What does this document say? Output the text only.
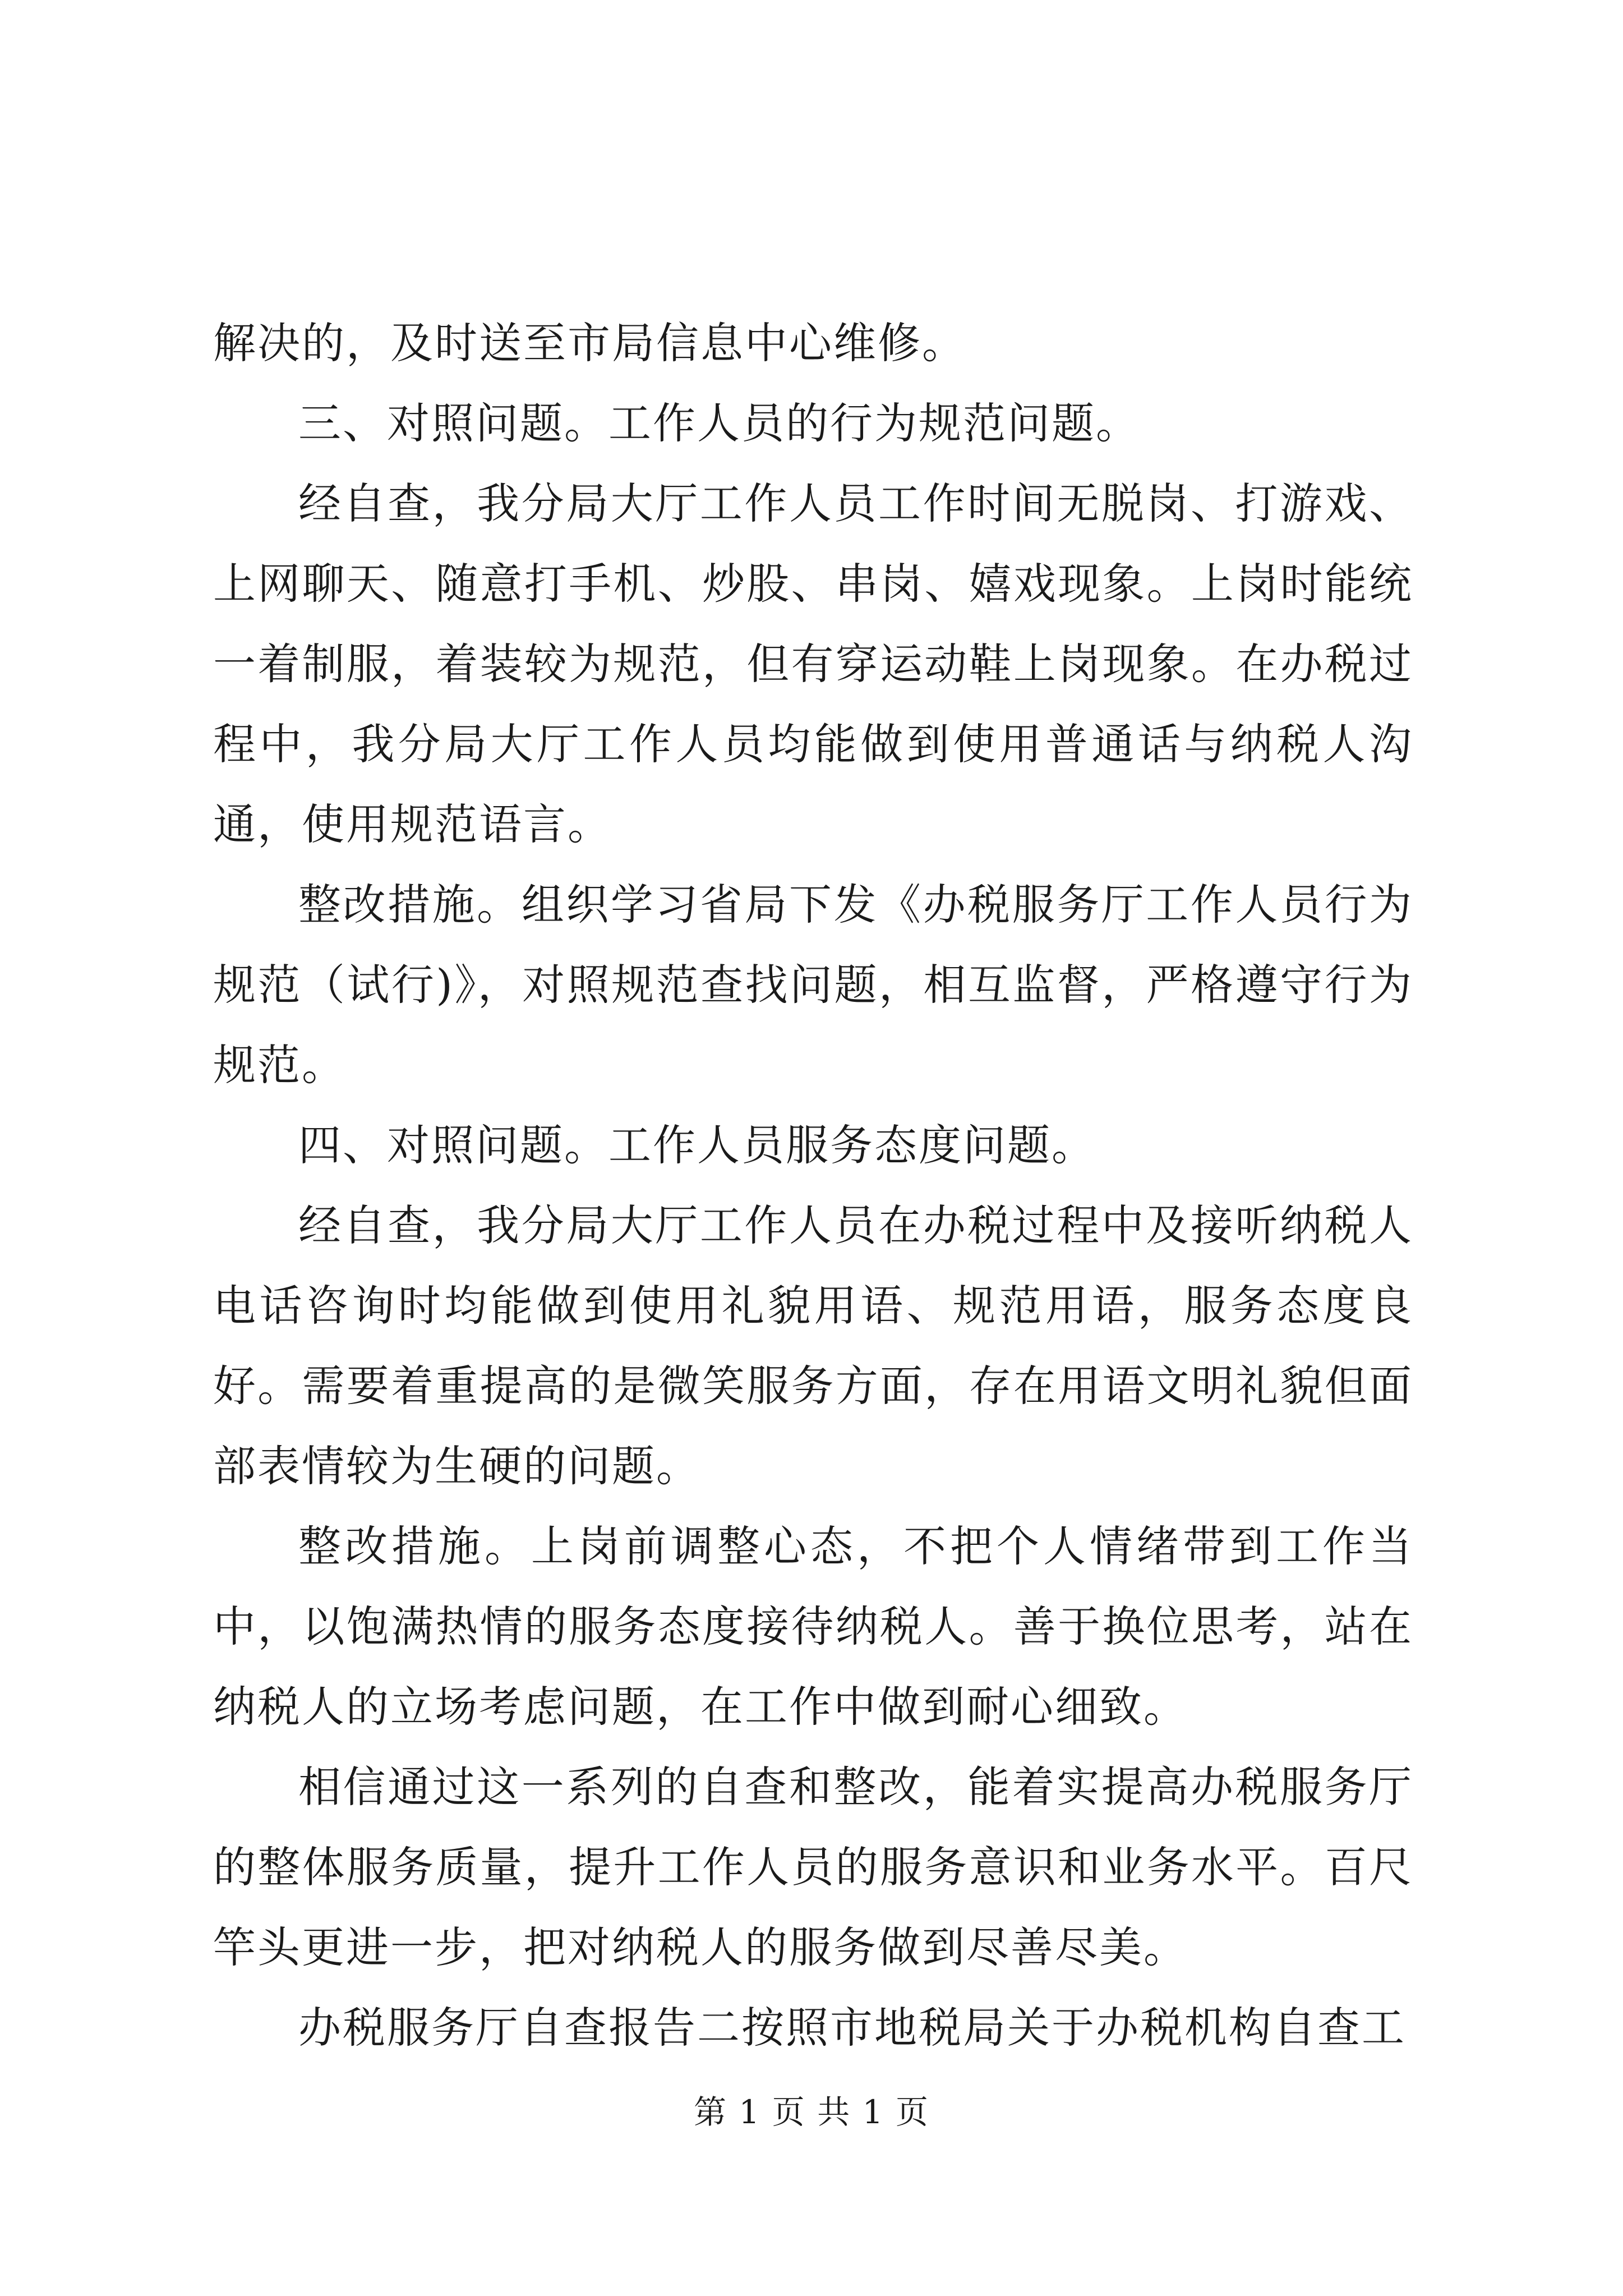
解决的，及时送至市局信息中心维修。

三、对照问题。工作人员的行为规范问题。

经自查，我分局大厅工作人员工作时间无脱岗、打游戏、上网聊天、随意打手机、炒股、串岗、嬉戏现象。上岗时能统一着制服，着装较为规范，但有穿运动鞋上岗现象。在办税过程中，我分局大厅工作人员均能做到使用普通话与纳税人沟通，使用规范语言。

整改措施。组织学习省局下发《办税服务厅工作人员行为规范（试行)》，对照规范查找问题，相互监督，严格遵守行为规范。

四、对照问题。工作人员服务态度问题。

经自查，我分局大厅工作人员在办税过程中及接听纳税人电话咨询时均能做到使用礼貌用语、规范用语，服务态度良好。需要着重提高的是微笑服务方面，存在用语文明礼貌但面部表情较为生硬的问题。

整改措施。上岗前调整心态，不把个人情绪带到工作当中，以饱满热情的服务态度接待纳税人。善于换位思考，站在纳税人的立场考虑问题，在工作中做到耐心细致。

相信通过这一系列的自查和整改，能着实提高办税服务厅的整体服务质量，提升工作人员的服务意识和业务水平。百尺竿头更进一步，把对纳税人的服务做到尽善尽美。

办税服务厅自查报告二按照市地税局关于办税机构自查工

第 1 页 共 1 页
